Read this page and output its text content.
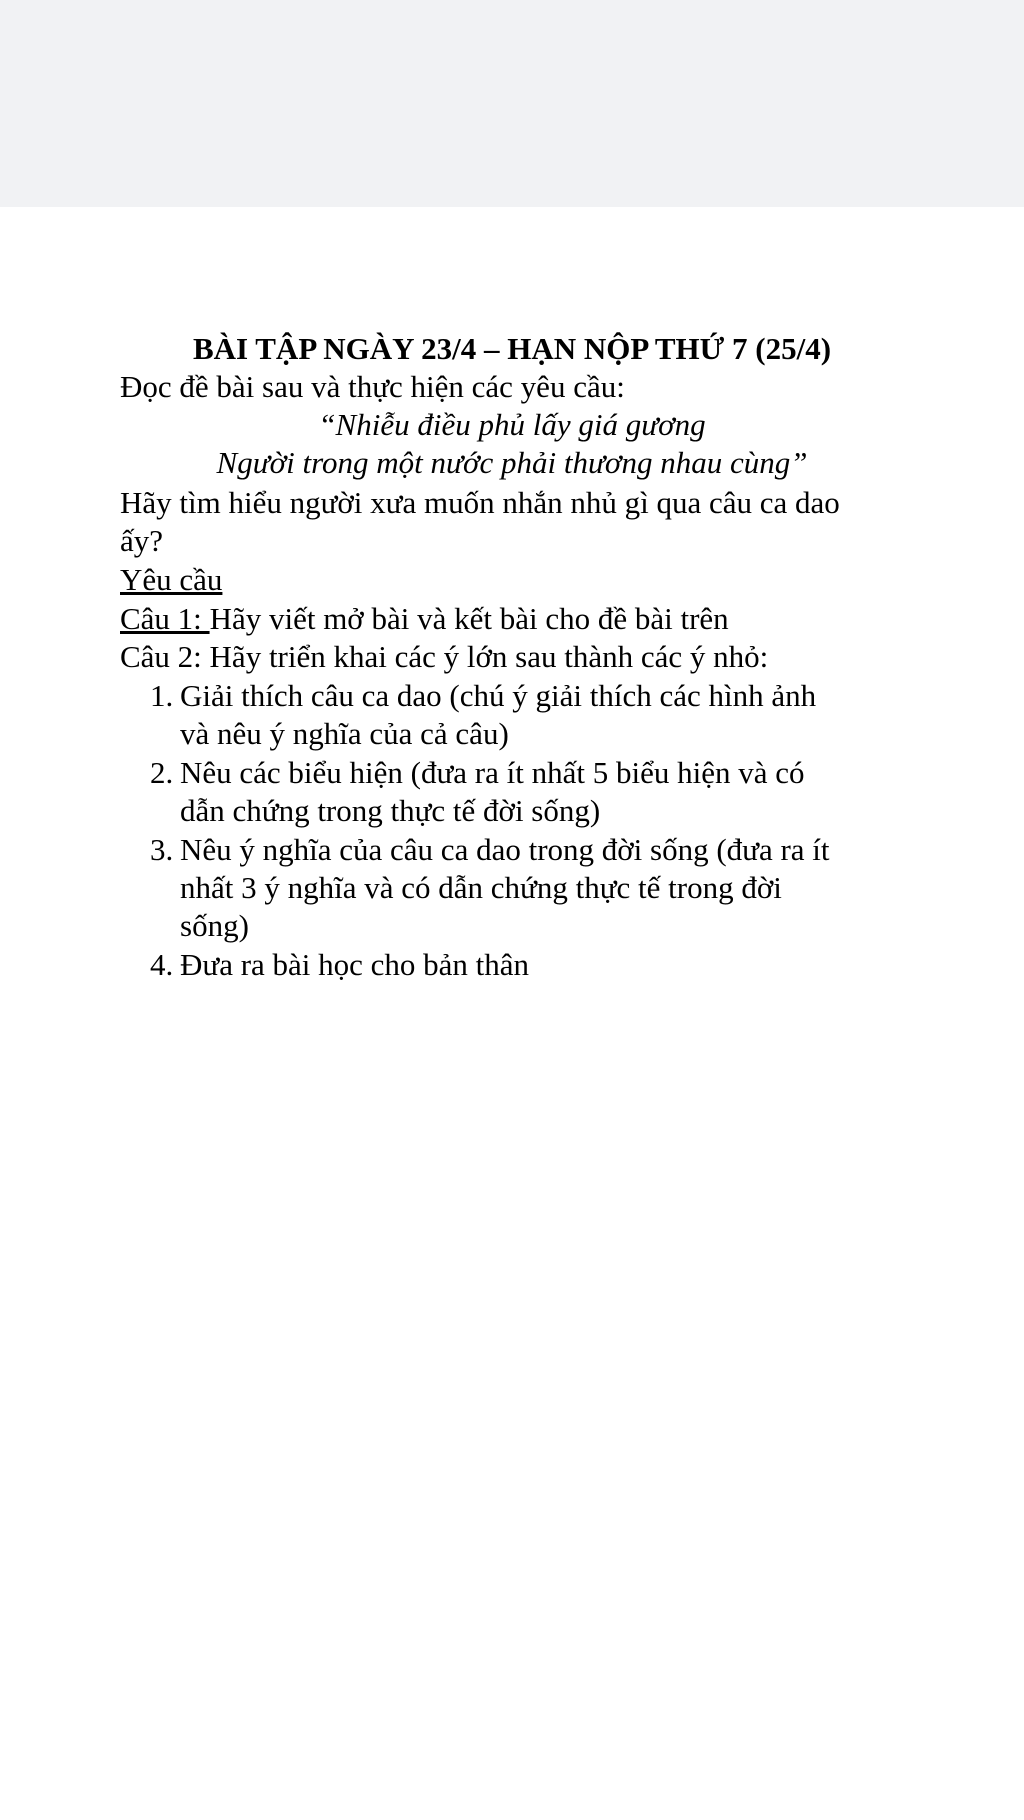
BÀI TẬP NGÀY 23/4 – HẠN NỘP THỨ 7 (25/4)
Đọc đề bài sau và thực hiện các yêu cầu:
“Nhiễu điều phủ lấy giá gương
Người trong một nước phải thương nhau cùng”
Hãy tìm hiểu người xưa muốn nhắn nhủ gì qua câu ca dao
ấy?
Yêu cầu
Câu 1: Hãy viết mở bài và kết bài cho đề bài trên
Câu 2: Hãy triển khai các ý lớn sau thành các ý nhỏ:
1. Giải thích câu ca dao (chú ý giải thích các hình ảnh
và nêu ý nghĩa của cả câu)
2. Nêu các biểu hiện (đưa ra ít nhất 5 biểu hiện và có
dẫn chứng trong thực tế đời sống)
3. Nêu ý nghĩa của câu ca dao trong đời sống (đưa ra ít
nhất 3 ý nghĩa và có dẫn chứng thực tế trong đời
sống)
4. Đưa ra bài học cho bản thân
